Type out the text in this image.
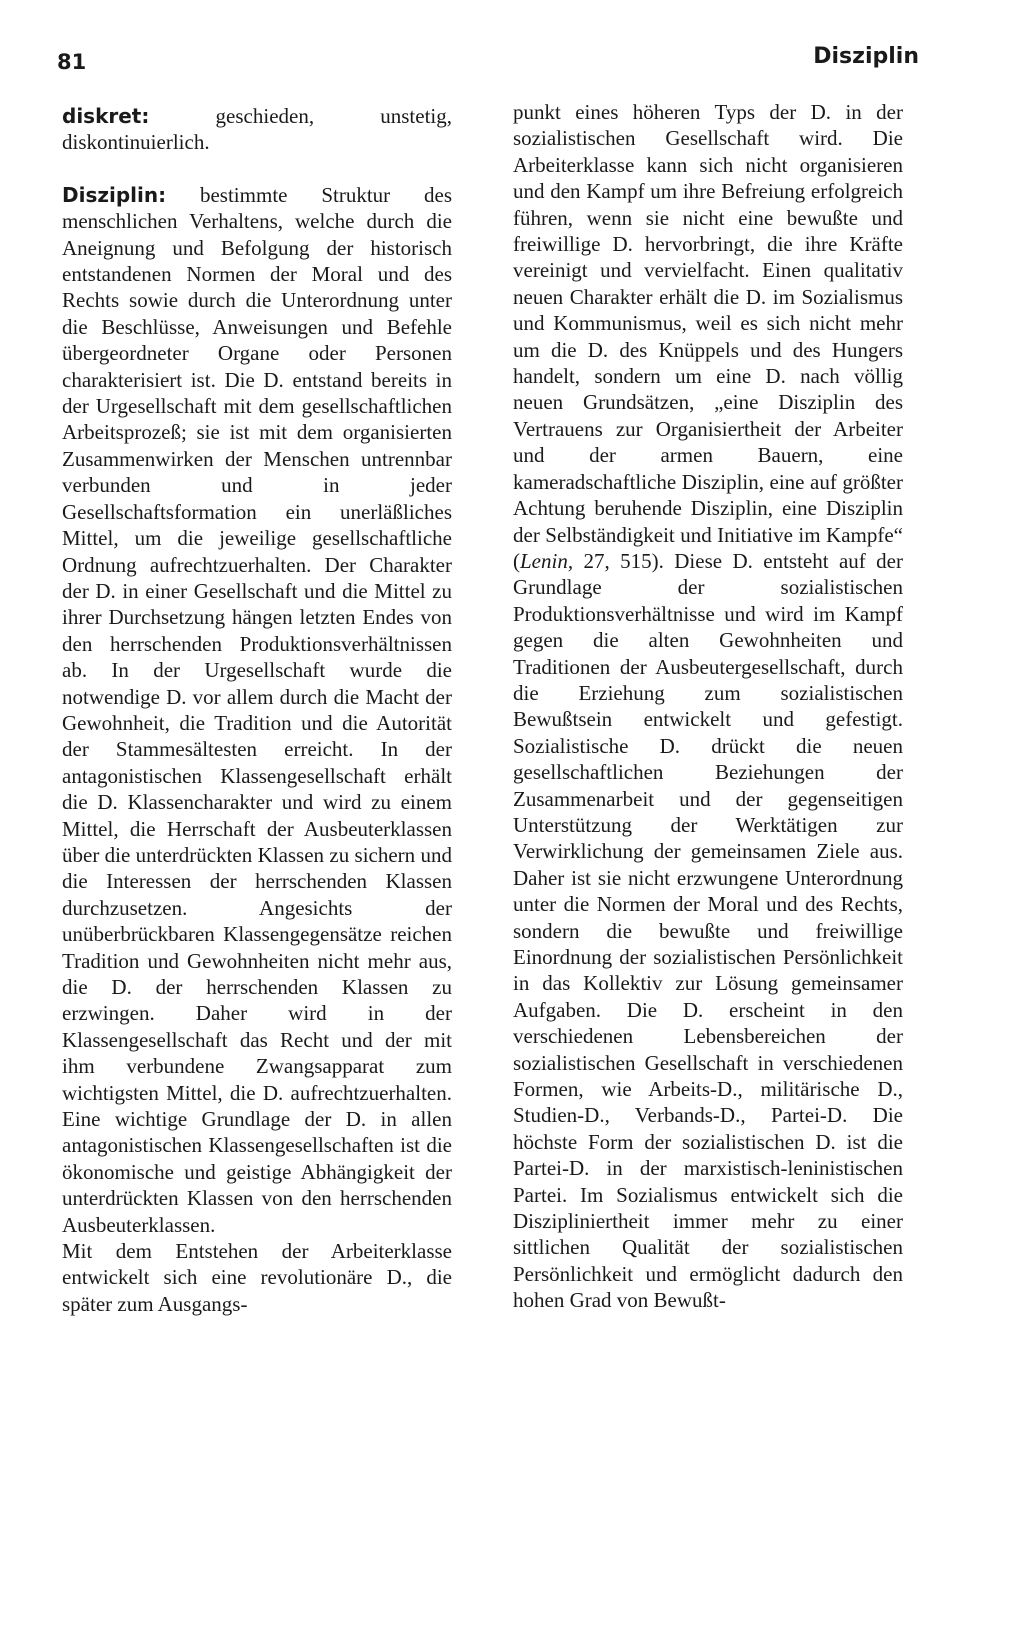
81	Disziplin

diskret:	geschieden, unstetig, diskontinuierlich.

Disziplin: bestimmte Struktur des menschlichen Verhaltens, welche durch die Aneignung und Befolgung der historisch entstandenen Normen der Moral und des Rechts sowie durch die Unterordnung unter die Beschlüsse, Anweisungen und Befehle übergeordneter Organe oder Personen charakterisiert ist. Die D. entstand bereits in der Urgesellschaft mit dem gesellschaftlichen Arbeitsprozeß; sie ist mit dem organisierten Zusammenwirken der Menschen untrennbar verbunden und in jeder Gesellschaftsformation ein unerläßliches Mittel, um die jeweilige gesellschaftliche Ordnung aufrechtzuerhalten. Der Charakter der D. in einer Gesellschaft und die Mittel zu ihrer Durchsetzung hängen letzten Endes von den herrschenden Produktionsverhältnissen ab. In der Urgesellschaft wurde die notwendige D. vor allem durch die Macht der Gewohnheit, die Tradition und die Autorität der Stammesältesten erreicht. In der antagonistischen Klassengesellschaft erhält die D. Klassencharakter und wird zu einem Mittel, die Herrschaft der Ausbeuterklassen über die unterdrückten Klassen zu sichern und die Interessen der herrschenden Klassen durchzusetzen. Angesichts der unüberbrückbaren Klassengegensätze reichen Tradition und Gewohnheiten nicht mehr aus, die D. der herrschenden Klassen zu erzwingen. Daher wird in der Klassengesellschaft das Recht und der mit ihm verbundene Zwangsapparat zum wichtigsten Mittel, die D. aufrechtzuerhalten. Eine wichtige Grundlage der D. in allen antagonistischen Klassengesellschaften ist die ökonomische und geistige Abhängigkeit der unterdrückten Klassen von den herrschenden Ausbeuterklassen.

Mit dem Entstehen der Arbeiterklasse entwickelt sich eine revolutionäre D., die später zum Ausgangs-

punkt eines höheren Typs der D. in der sozialistischen Gesellschaft wird. Die Arbeiterklasse kann sich nicht organisieren und den Kampf um ihre Befreiung erfolgreich führen, wenn sie nicht eine bewußte und freiwillige D. hervorbringt, die ihre Kräfte vereinigt und vervielfacht. Einen qualitativ neuen Charakter erhält die D. im Sozialismus und Kommunismus, weil es sich nicht mehr um die D. des Knüppels und des Hungers handelt, sondern um eine D. nach völlig neuen Grundsätzen, „eine Disziplin des Vertrauens zur Organisiertheit der Arbeiter und der armen Bauern, eine kameradschaftliche Disziplin, eine auf größter Achtung beruhende Disziplin, eine Disziplin der Selbständigkeit und Initiative im Kampfe“ (Lenin, 27, 515). Diese D. entsteht auf der Grundlage der sozialistischen Produktionsverhältnisse und wird im Kampf gegen die alten Gewohnheiten und Traditionen der Ausbeutergesellschaft, durch die Erziehung zum sozialistischen Bewußtsein entwickelt und gefestigt. Sozialistische D. drückt die neuen gesellschaftlichen Beziehungen der Zusammenarbeit und der gegenseitigen Unterstützung der Werktätigen zur Verwirklichung der gemeinsamen Ziele aus. Daher ist sie nicht erzwungene Unterordnung unter die Normen der Moral und des Rechts, sondern die bewußte und freiwillige Einordnung der sozialistischen Persönlichkeit in das Kollektiv zur Lösung gemeinsamer Aufgaben. Die D. erscheint in den verschiedenen Lebensbereichen der sozialistischen Gesellschaft in verschiedenen Formen, wie Arbeits-D., militärische D., Studien-D., Verbands-D., Partei-D. Die höchste Form der sozialistischen D. ist die Partei-D. in der marxistisch-leninistischen Partei. Im Sozialismus entwickelt sich die Diszipliniertheit immer mehr zu einer sittlichen Qualität der sozialistischen Persönlichkeit und ermöglicht dadurch den hohen Grad von Bewußt-
